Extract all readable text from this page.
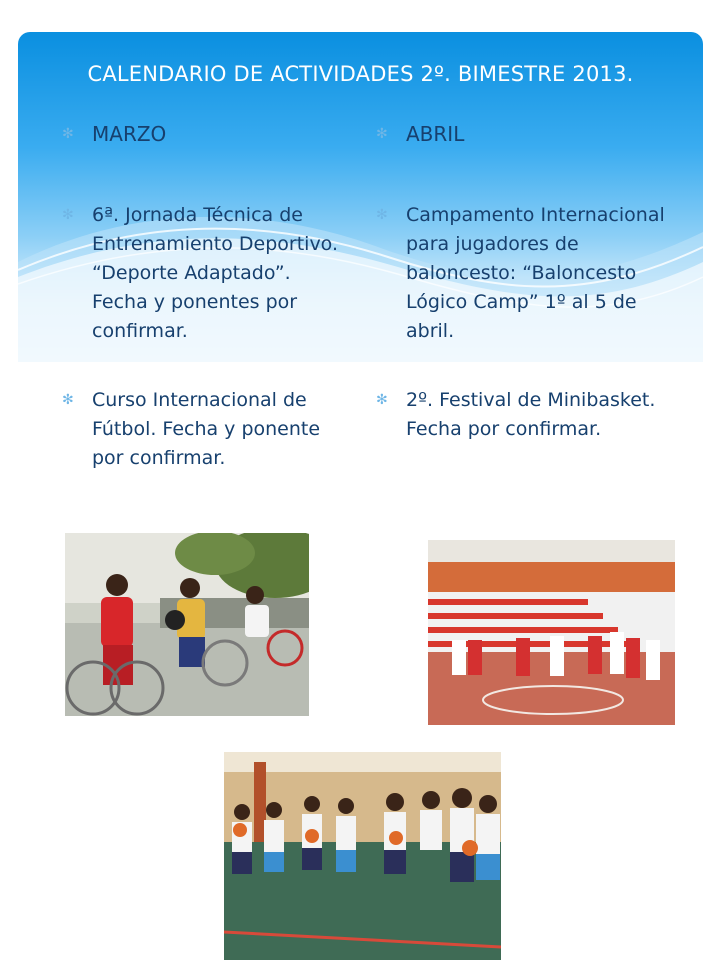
CALENDARIO DE ACTIVIDADES 2º. BIMESTRE 2013.
✻ MARZO
✻ 6ª. Jornada Técnica de Entrenamiento Deportivo. “Deporte Adaptado”. Fecha y ponentes por confirmar.
✻ Curso Internacional de Fútbol. Fecha y ponente por confirmar.
✻ ABRIL
✻ Campamento Internacional para jugadores de baloncesto: “Baloncesto Lógico Camp” 1º al 5 de abril.
✻ 2º. Festival de Minibasket. Fecha por confirmar.
